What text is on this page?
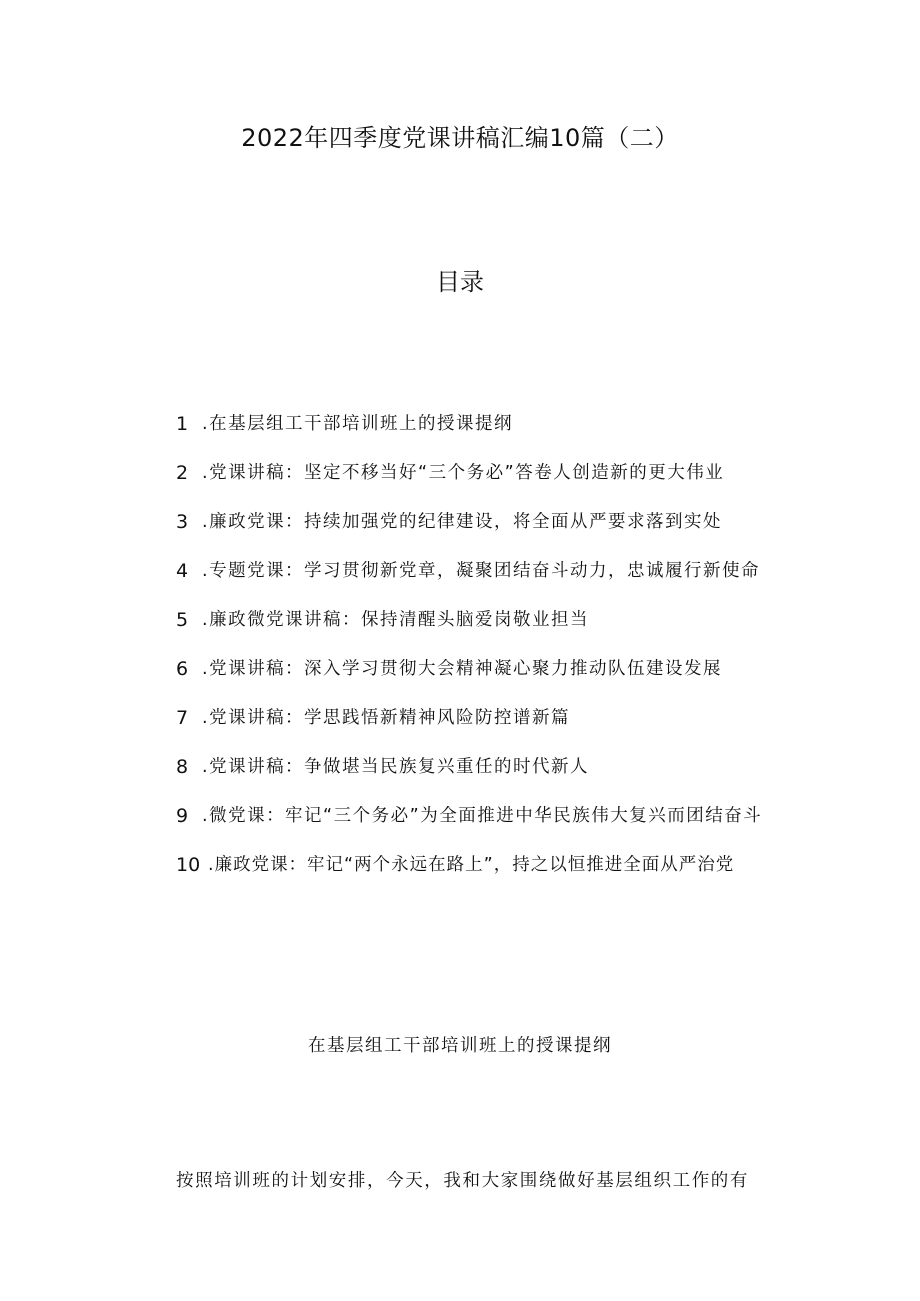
2022年四季度党课讲稿汇编10篇（二）
目录
1 .在基层组工干部培训班上的授课提纲
2 .党课讲稿：坚定不移当好“三个务必”答卷人创造新的更大伟业
3 .廉政党课：持续加强党的纪律建设，将全面从严要求落到实处
4 .专题党课：学习贯彻新党章，凝聚团结奋斗动力，忠诚履行新使命
5 .廉政微党课讲稿：保持清醒头脑爱岗敬业担当
6 .党课讲稿：深入学习贯彻大会精神凝心聚力推动队伍建设发展
7 .党课讲稿：学思践悟新精神风险防控谱新篇
8 .党课讲稿：争做堪当民族复兴重任的时代新人
9 .微党课：牢记“三个务必”为全面推进中华民族伟大复兴而团结奋斗
10 .廉政党课：牢记“两个永远在路上”，持之以恒推进全面从严治党
在基层组工干部培训班上的授课提纲
按照培训班的计划安排，今天，我和大家围绕做好基层组织工作的有
